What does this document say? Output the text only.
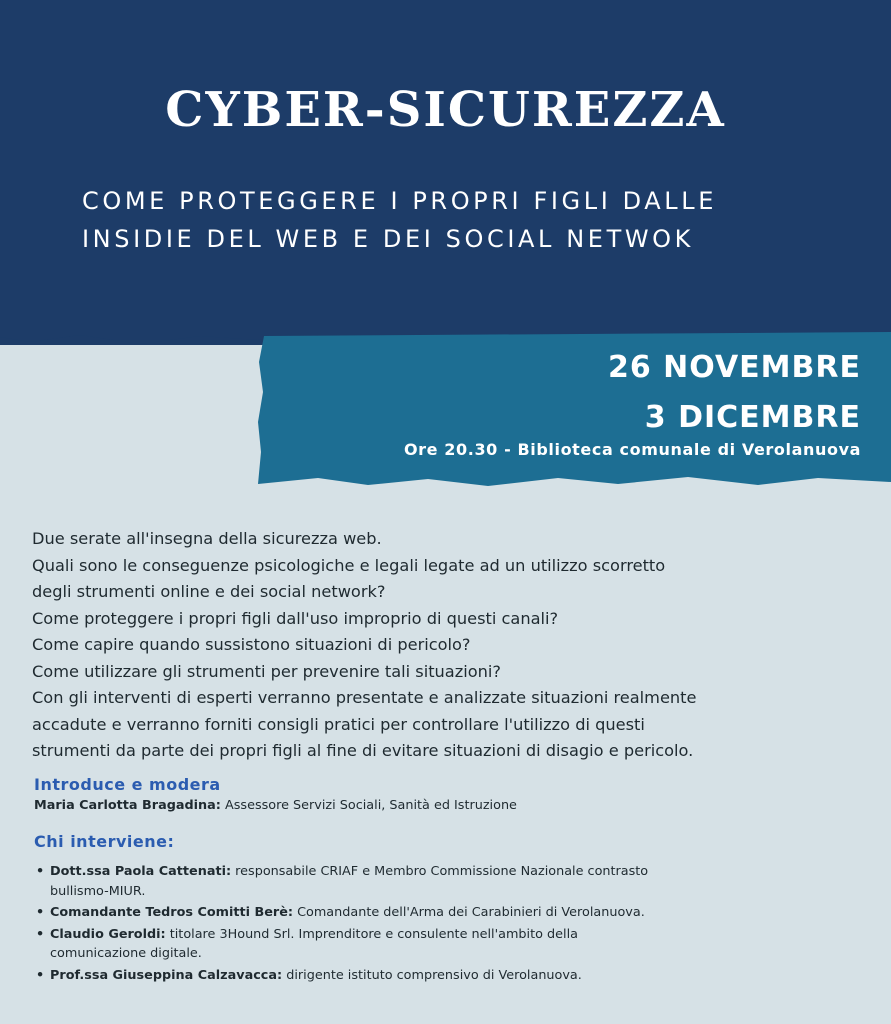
CYBER-SICUREZZA
COME PROTEGGERE I PROPRI FIGLI DALLE
INSIDIE DEL WEB E DEI SOCIAL NETWOK
26 NOVEMBRE
3 DICEMBRE
Ore 20.30 - Biblioteca comunale di Verolanuova
Due serate all'insegna della sicurezza web.
Quali sono le conseguenze psicologiche e legali legate ad un utilizzo scorretto
degli strumenti online e dei social network?
Come proteggere i propri figli dall'uso improprio di questi canali?
Come capire quando sussistono situazioni di pericolo?
Come utilizzare gli strumenti per prevenire tali situazioni?
Con gli interventi di esperti verranno presentate e analizzate situazioni realmente
accadute e verranno forniti consigli pratici per controllare l'utilizzo di questi
strumenti da parte dei propri figli al fine di evitare situazioni di disagio e pericolo.
Introduce e modera
Maria Carlotta Bragadina: Assessore Servizi Sociali, Sanità ed Istruzione
Chi interviene:
• Dott.ssa Paola Cattenati: responsabile CRIAF e Membro Commissione Nazionale contrasto
bullismo-MIUR.
• Comandante Tedros Comitti Berè: Comandante dell'Arma dei Carabinieri di Verolanuova.
• Claudio Geroldi: titolare 3Hound Srl. Imprenditore e consulente nell'ambito della
comunicazione digitale.
• Prof.ssa Giuseppina Calzavacca: dirigente istituto comprensivo di Verolanuova.
